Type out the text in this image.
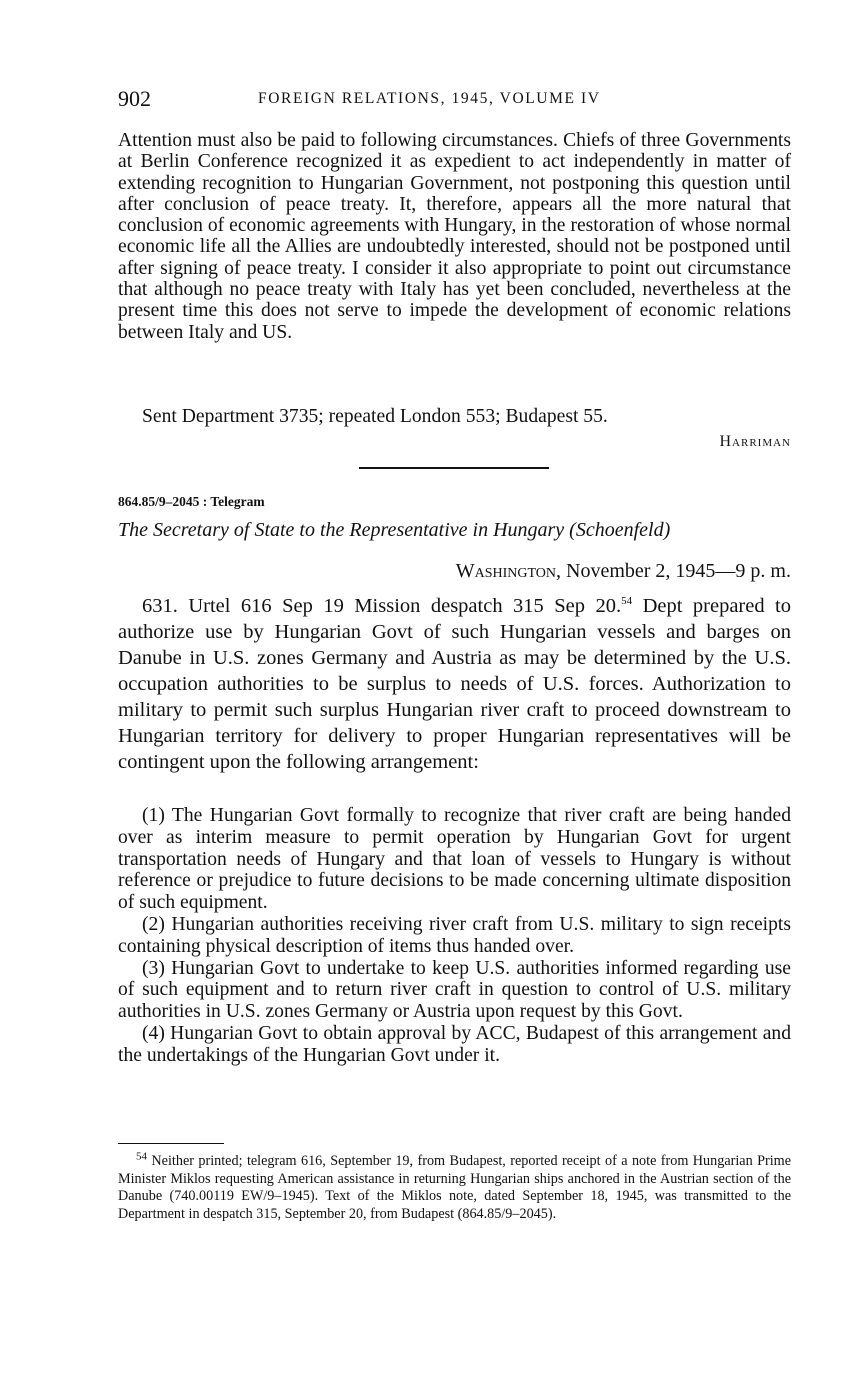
902	FOREIGN RELATIONS, 1945, VOLUME IV

Attention must also be paid to following circumstances. Chiefs of three Governments at Berlin Conference recognized it as expedient to act independently in matter of extending recognition to Hungarian Government, not postponing this question until after conclusion of peace treaty. It, therefore, appears all the more natural that conclusion of economic agreements with Hungary, in the restoration of whose normal economic life all the Allies are undoubtedly interested, should not be postponed until after signing of peace treaty. I consider it also appropriate to point out circumstance that although no peace treaty with Italy has yet been concluded, nevertheless at the present time this does not serve to impede the development of economic relations between Italy and US.

Sent Department 3735; repeated London 553; Budapest 55.

Harriman
864.85/9–2045 : Telegram
The Secretary of State to the Representative in Hungary (Schoenfeld)
Washington, November 2, 1945—9 p. m.

631. Urtel 616 Sep 19 Mission despatch 315 Sep 20.54 Dept prepared to authorize use by Hungarian Govt of such Hungarian vessels and barges on Danube in U.S. zones Germany and Austria as may be determined by the U.S. occupation authorities to be surplus to needs of U.S. forces. Authorization to military to permit such surplus Hungarian river craft to proceed downstream to Hungarian territory for delivery to proper Hungarian representatives will be contingent upon the following arrangement:

(1) The Hungarian Govt formally to recognize that river craft are being handed over as interim measure to permit operation by Hungarian Govt for urgent transportation needs of Hungary and that loan of vessels to Hungary is without reference or prejudice to future decisions to be made concerning ultimate disposition of such equipment.

(2) Hungarian authorities receiving river craft from U.S. military to sign receipts containing physical description of items thus handed over.

(3) Hungarian Govt to undertake to keep U.S. authorities informed regarding use of such equipment and to return river craft in question to control of U.S. military authorities in U.S. zones Germany or Austria upon request by this Govt.

(4) Hungarian Govt to obtain approval by ACC, Budapest of this arrangement and the undertakings of the Hungarian Govt under it.

$^{54}$ Neither printed; telegram 616, September 19, from Budapest, reported receipt of a note from Hungarian Prime Minister Miklos requesting American assistance in returning Hungarian ships anchored in the Austrian section of the Danube (740.00119 EW/9–1945). Text of the Miklos note, dated September 18, 1945, was transmitted to the Department in despatch 315, September 20, from Budapest (864.85/9–2045).
